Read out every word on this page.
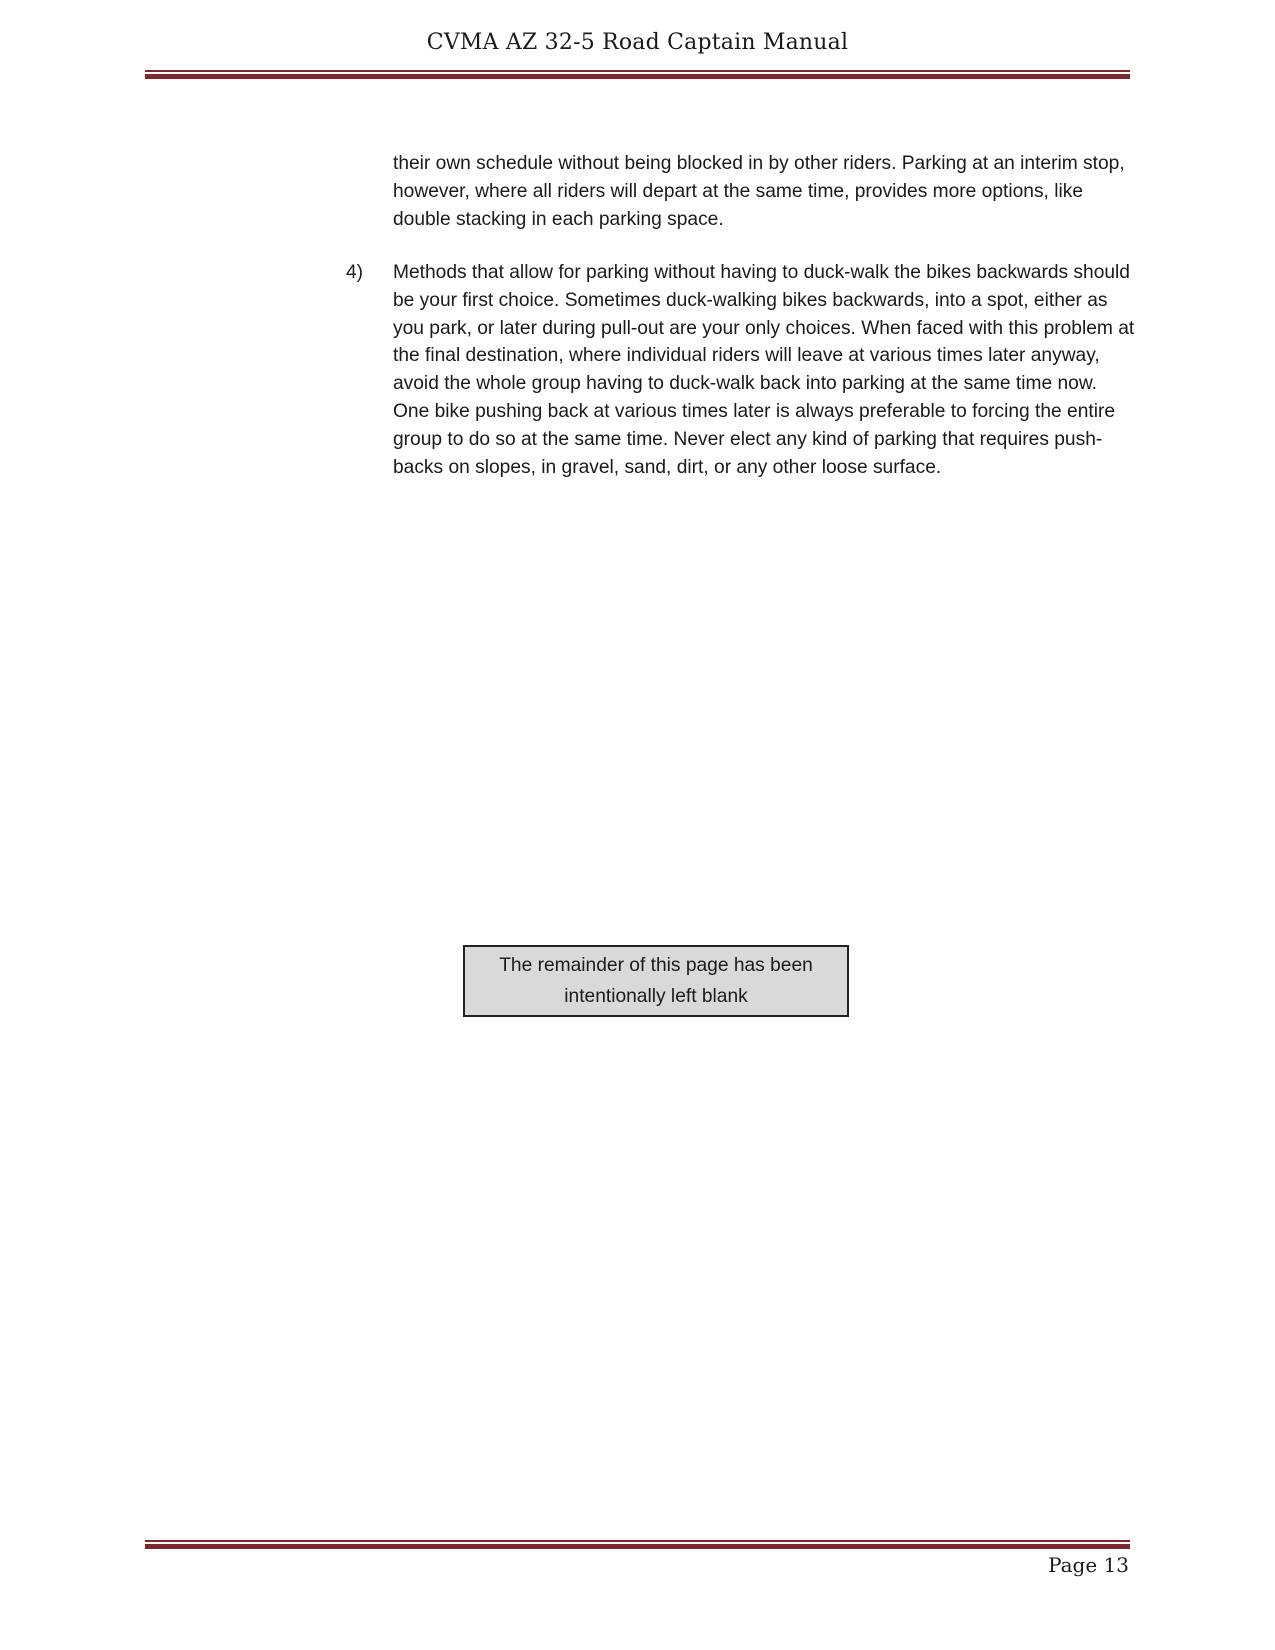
CVMA AZ 32-5 Road Captain Manual

their own schedule without being blocked in by other riders. Parking at an interim stop, however, where all riders will depart at the same time, provides more options, like double stacking in each parking space.

4) Methods that allow for parking without having to duck-walk the bikes backwards should be your first choice. Sometimes duck-walking bikes backwards, into a spot, either as you park, or later during pull-out are your only choices. When faced with this problem at the final destination, where individual riders will leave at various times later anyway, avoid the whole group having to duck-walk back into parking at the same time now. One bike pushing back at various times later is always preferable to forcing the entire group to do so at the same time. Never elect any kind of parking that requires push-backs on slopes, in gravel, sand, dirt, or any other loose surface.

The remainder of this page has been intentionally left blank

Page 13
